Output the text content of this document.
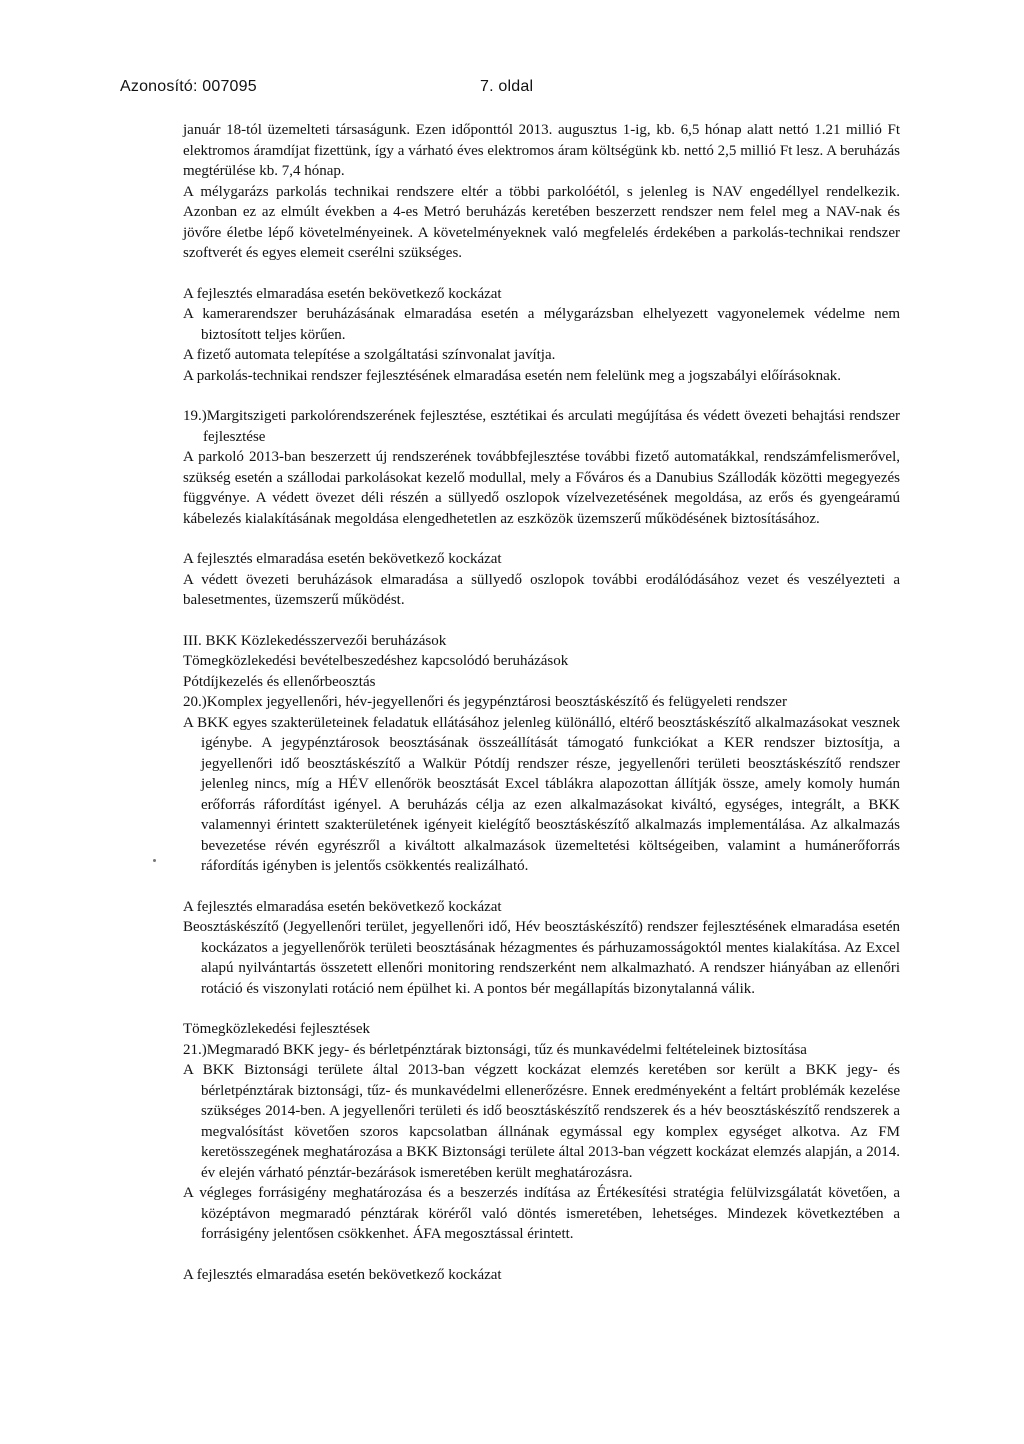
Azonosító: 007095	7. oldal

január 18-tól üzemelteti társaságunk. Ezen időponttól 2013. augusztus 1-ig, kb. 6,5 hónap alatt nettó 1.21 millió Ft elektromos áramdíjat fizettünk, így a várható éves elektromos áram költségünk kb. nettó 2,5 millió Ft lesz. A beruházás megtérülése kb. 7,4 hónap.

A mélygarázs parkolás technikai rendszere eltér a többi parkolóétól, s jelenleg is NAV engedéllyel rendelkezik. Azonban ez az elmúlt években a 4-es Metró beruházás keretében beszerzett rendszer nem felel meg a NAV-nak és jövőre életbe lépő követelményeinek. A követelményeknek való megfelelés érdekében a parkolás-technikai rendszer szoftverét és egyes elemeit cserélni szükséges.

A fejlesztés elmaradása esetén bekövetkező kockázat

A kamerarendszer beruházásának elmaradása esetén a mélygarázsban elhelyezett vagyonelemek védelme nem biztosított teljes körűen.

A fizető automata telepítése a szolgáltatási színvonalat javítja.

A parkolás-technikai rendszer fejlesztésének elmaradása esetén nem felelünk meg a jogszabályi előírásoknak.

19.)Margitszigeti parkolórendszerének fejlesztése, esztétikai és arculati megújítása és védett övezeti behajtási rendszer fejlesztése

A parkoló 2013-ban beszerzett új rendszerének továbbfejlesztése további fizető automatákkal, rendszámfelismerővel, szükség esetén a szállodai parkolásokat kezelő modullal, mely a Főváros és a Danubius Szállodák közötti megegyezés függvénye. A védett övezet déli részén a süllyedő oszlopok vízelvezetésének megoldása, az erős és gyengeáramú kábelezés kialakításának megoldása elengedhetetlen az eszközök üzemszerű működésének biztosításához.

A fejlesztés elmaradása esetén bekövetkező kockázat

A védett övezeti beruházások elmaradása a süllyedő oszlopok további erodálódásához vezet és veszélyezteti a balesetmentes, üzemszerű működést.

III. BKK Közlekedésszervezői beruházások

Tömegközlekedési bevételbeszedéshez kapcsolódó beruházások

Pótdíjkezelés és ellenőrbeosztás

20.)Komplex jegyellenőri, hév-jegyellenőri és jegypénztárosi beosztáskészítő és felügyeleti rendszer

A BKK egyes szakterületeinek feladatuk ellátásához jelenleg különálló, eltérő beosztáskészítő alkalmazásokat vesznek igénybe. A jegypénztárosok beosztásának összeállítását támogató funkciókat a KER rendszer biztosítja, a jegyellenőri idő beosztáskészítő a Walkür Pótdíj rendszer része, jegyellenőri területi beosztáskészítő rendszer jelenleg nincs, míg a HÉV ellenőrök beosztását Excel táblákra alapozottan állítják össze, amely komoly humán erőforrás ráfordítást igényel. A beruházás célja az ezen alkalmazásokat kiváltó, egységes, integrált, a BKK valamennyi érintett szakterületének igényeit kielégítő beosztáskészítő alkalmazás implementálása. Az alkalmazás bevezetése révén egyrészről a kiváltott alkalmazások üzemeltetési költségeiben, valamint a humánerőforrás ráfordítás igényben is jelentős csökkentés realizálható.

A fejlesztés elmaradása esetén bekövetkező kockázat

Beosztáskészítő (Jegyellenőri terület, jegyellenőri idő, Hév beosztáskészítő) rendszer fejlesztésének elmaradása esetén kockázatos a jegyellenőrök területi beosztásának hézagmentes és párhuzamosságoktól mentes kialakítása. Az Excel alapú nyilvántartás összetett ellenőri monitoring rendszerként nem alkalmazható. A rendszer hiányában az ellenőri rotáció és viszonylati rotáció nem épülhet ki. A pontos bér megállapítás bizonytalanná válik.

Tömegközlekedési fejlesztések

21.)Megmaradó BKK jegy- és bérletpénztárak biztonsági, tűz és munkavédelmi feltételeinek biztosítása

A BKK Biztonsági területe által 2013-ban végzett kockázat elemzés keretében sor került a BKK jegy- és bérletpénztárak biztonsági, tűz- és munkavédelmi ellenerőzésre. Ennek eredményeként a feltárt problémák kezelése szükséges 2014-ben. A jegyellenőri területi és idő beosztáskészítő rendszerek és a hév beosztáskészítő rendszerek a megvalósítást követően szoros kapcsolatban állnának egymással egy komplex egységet alkotva. Az FM keretösszegének meghatározása a BKK Biztonsági területe által 2013-ban végzett kockázat elemzés alapján, a 2014. év elején várható pénztár-bezárások ismeretében került meghatározásra.

A végleges forrásigény meghatározása és a beszerzés indítása az Értékesítési stratégia felülvizsgálatát követően, a középtávon megmaradó pénztárak köréről való döntés ismeretében, lehetséges. Mindezek következtében a forrásigény jelentősen csökkenhet. ÁFA megosztással érintett.

A fejlesztés elmaradása esetén bekövetkező kockázat
